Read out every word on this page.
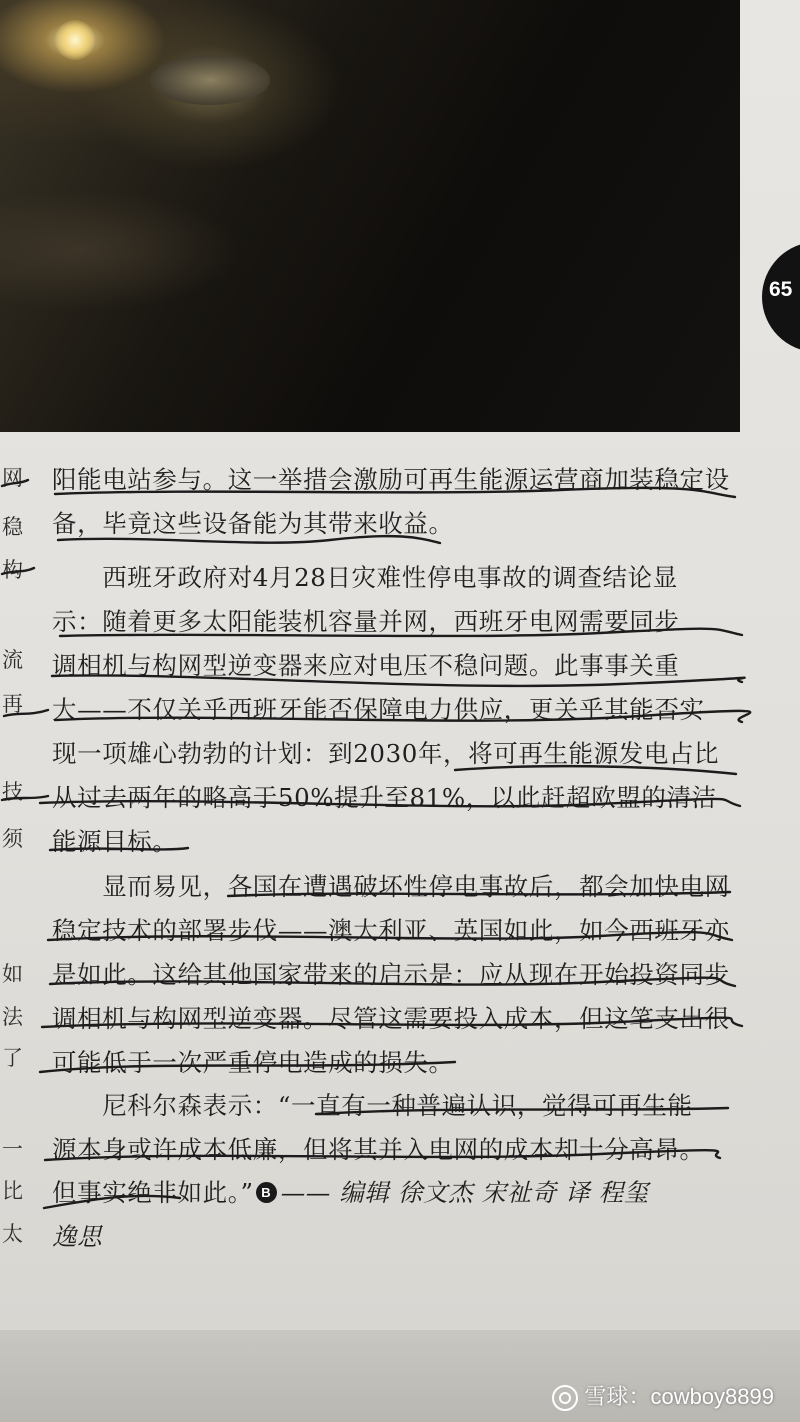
65
网
稳
构
流
再
技
须
如
法
了
一
比
太
阳能电站参与。这一举措会激励可再生能源运营商加装稳定设
备，毕竟这些设备能为其带来收益。
　　西班牙政府对4月28日灾难性停电事故的调查结论显
示：随着更多太阳能装机容量并网，西班牙电网需要同步
调相机与构网型逆变器来应对电压不稳问题。此事事关重
大——不仅关乎西班牙能否保障电力供应，更关乎其能否实
现一项雄心勃勃的计划：到2030年，将可再生能源发电占比
从过去两年的略高于50%提升至81%，以此赶超欧盟的清洁
能源目标。
　　显而易见，各国在遭遇破坏性停电事故后，都会加快电网
稳定技术的部署步伐——澳大利亚、英国如此，如今西班牙亦
是如此。这给其他国家带来的启示是：应从现在开始投资同步
调相机与构网型逆变器。尽管这需要投入成本，但这笔支出很
可能低于一次严重停电造成的损失。
　　尼科尔森表示：“一直有一种普遍认识，觉得可再生能
源本身或许成本低廉，但将其并入电网的成本却十分高昂。
但事实绝非如此。” B —— 编辑 徐文杰 宋祉奇 译 程玺
逸思
雪球：cowboy8899
